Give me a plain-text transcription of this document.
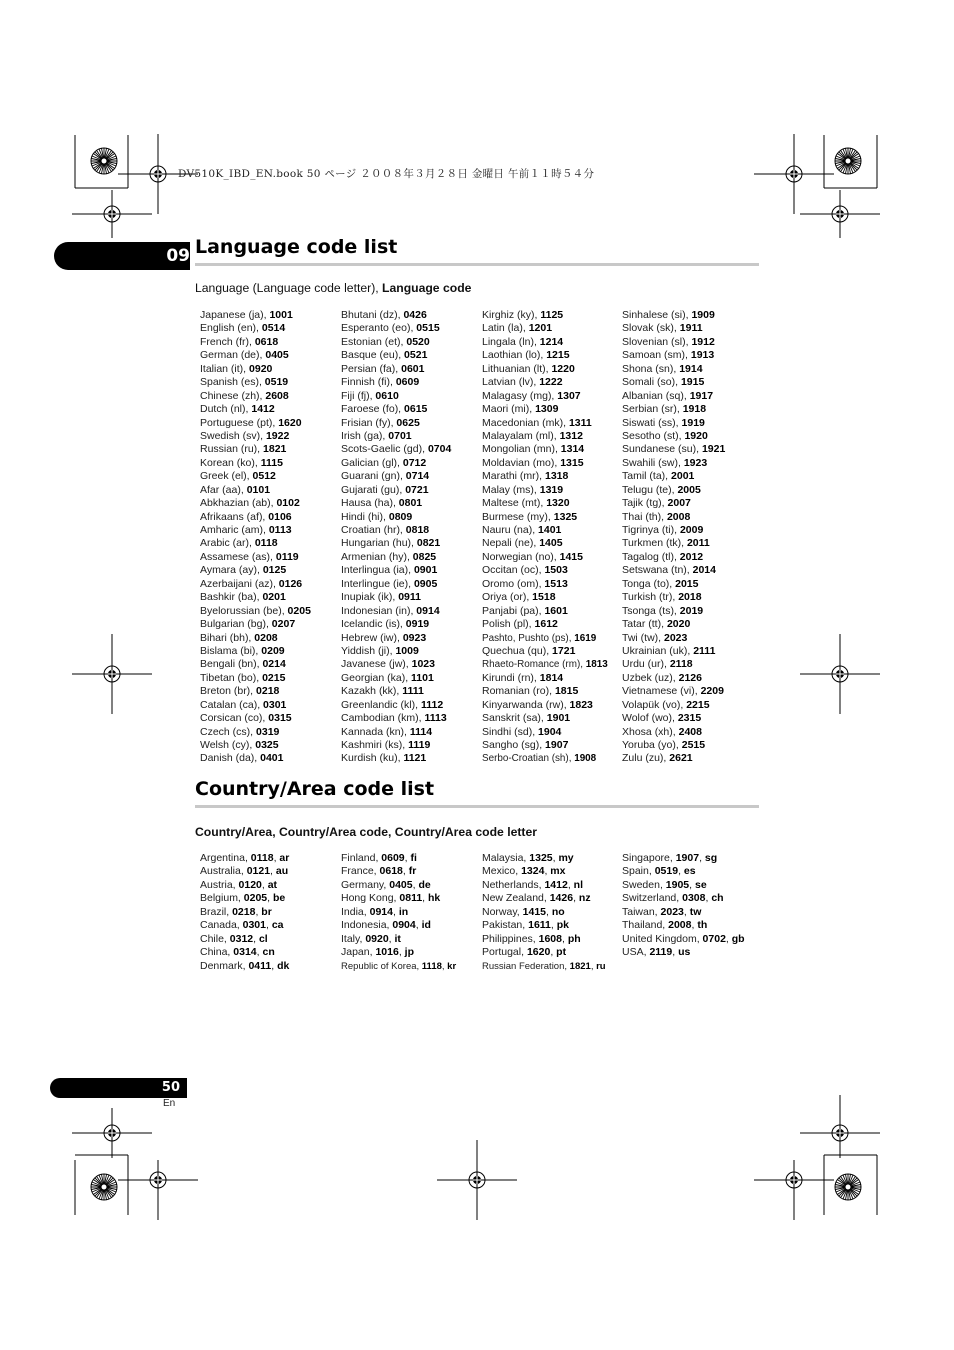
DV510K_IBD_EN.book 50 ページ ２００８年３月２８日 金曜日 午前１１時５４分
09 Language code list
Language (Language code letter), Language code
Japanese (ja), 1001
English (en), 0514
French (fr), 0618
German (de), 0405
Italian (it), 0920
Spanish (es), 0519
Chinese (zh), 2608
Dutch (nl), 1412
Portuguese (pt), 1620
Swedish (sv), 1922
Russian (ru), 1821
Korean (ko), 1115
Greek (el), 0512
Afar (aa), 0101
Abkhazian (ab), 0102
Afrikaans (af), 0106
Amharic (am), 0113
Arabic (ar), 0118
Assamese (as), 0119
Aymara (ay), 0125
Azerbaijani (az), 0126
Bashkir (ba), 0201
Byelorussian (be), 0205
Bulgarian (bg), 0207
Bihari (bh), 0208
Bislama (bi), 0209
Bengali (bn), 0214
Tibetan (bo), 0215
Breton (br), 0218
Catalan (ca), 0301
Corsican (co), 0315
Czech (cs), 0319
Welsh (cy), 0325
Danish (da), 0401
Bhutani (dz), 0426
Esperanto (eo), 0515
Estonian (et), 0520
Basque (eu), 0521
Persian (fa), 0601
Finnish (fi), 0609
Fiji (fj), 0610
Faroese (fo), 0615
Frisian (fy), 0625
Irish (ga), 0701
Scots-Gaelic (gd), 0704
Galician (gl), 0712
Guarani (gn), 0714
Gujarati (gu), 0721
Hausa (ha), 0801
Hindi (hi), 0809
Croatian (hr), 0818
Hungarian (hu), 0821
Armenian (hy), 0825
Interlingua (ia), 0901
Interlingue (ie), 0905
Inupiak (ik), 0911
Indonesian (in), 0914
Icelandic (is), 0919
Hebrew (iw), 0923
Yiddish (ji), 1009
Javanese (jw), 1023
Georgian (ka), 1101
Kazakh (kk), 1111
Greenlandic (kl), 1112
Cambodian (km), 1113
Kannada (kn), 1114
Kashmiri (ks), 1119
Kurdish (ku), 1121
Kirghiz (ky), 1125
Latin (la), 1201
Lingala (ln), 1214
Laothian (lo), 1215
Lithuanian (lt), 1220
Latvian (lv), 1222
Malagasy (mg), 1307
Maori (mi), 1309
Macedonian (mk), 1311
Malayalam (ml), 1312
Mongolian (mn), 1314
Moldavian (mo), 1315
Marathi (mr), 1318
Malay (ms), 1319
Maltese (mt), 1320
Burmese (my), 1325
Nauru (na), 1401
Nepali (ne), 1405
Norwegian (no), 1415
Occitan (oc), 1503
Oromo (om), 1513
Oriya (or), 1518
Panjabi (pa), 1601
Polish (pl), 1612
Pashto, Pushto (ps), 1619
Quechua (qu), 1721
Rhaeto-Romance (rm), 1813
Kirundi (rn), 1814
Romanian (ro), 1815
Kinyarwanda (rw), 1823
Sanskrit (sa), 1901
Sindhi (sd), 1904
Sangho (sg), 1907
Serbo-Croatian (sh), 1908
Sinhalese (si), 1909
Slovak (sk), 1911
Slovenian (sl), 1912
Samoan (sm), 1913
Shona (sn), 1914
Somali (so), 1915
Albanian (sq), 1917
Serbian (sr), 1918
Siswati (ss), 1919
Sesotho (st), 1920
Sundanese (su), 1921
Swahili (sw), 1923
Tamil (ta), 2001
Telugu (te), 2005
Tajik (tg), 2007
Thai (th), 2008
Tigrinya (ti), 2009
Turkmen (tk), 2011
Tagalog (tl), 2012
Setswana (tn), 2014
Tonga (to), 2015
Turkish (tr), 2018
Tsonga (ts), 2019
Tatar (tt), 2020
Twi (tw), 2023
Ukrainian (uk), 2111
Urdu (ur), 2118
Uzbek (uz), 2126
Vietnamese (vi), 2209
Volapük (vo), 2215
Wolof (wo), 2315
Xhosa (xh), 2408
Yoruba (yo), 2515
Zulu (zu), 2621
Country/Area code list
Country/Area, Country/Area code, Country/Area code letter
Argentina, 0118, ar
Australia, 0121, au
Austria, 0120, at
Belgium, 0205, be
Brazil, 0218, br
Canada, 0301, ca
Chile, 0312, cl
China, 0314, cn
Denmark, 0411, dk
Finland, 0609, fi
France, 0618, fr
Germany, 0405, de
Hong Kong, 0811, hk
India, 0914, in
Indonesia, 0904, id
Italy, 0920, it
Japan, 1016, jp
Republic of Korea, 1118, kr
Malaysia, 1325, my
Mexico, 1324, mx
Netherlands, 1412, nl
New Zealand, 1426, nz
Norway, 1415, no
Pakistan, 1611, pk
Philippines, 1608, ph
Portugal, 1620, pt
Russian Federation, 1821, ru
Singapore, 1907, sg
Spain, 0519, es
Sweden, 1905, se
Switzerland, 0308, ch
Taiwan, 2023, tw
Thailand, 2008, th
United Kingdom, 0702, gb
USA, 2119, us
50
En
